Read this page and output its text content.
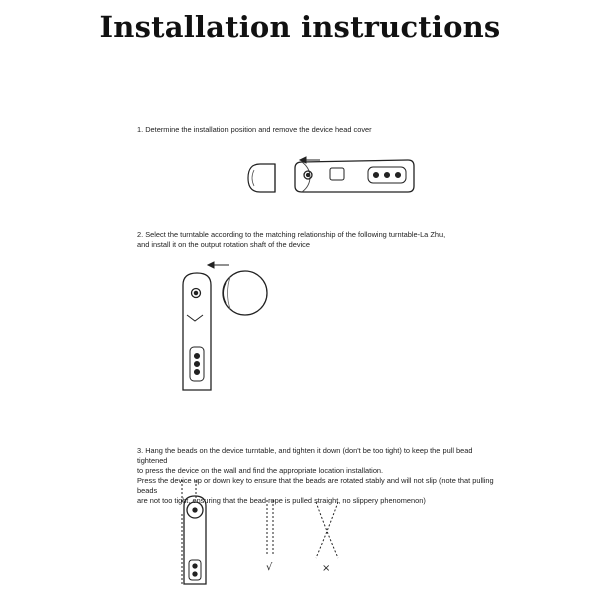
Installation instructions

1. Determine the installation position and remove the device head cover

2. Select the turntable according to the matching relationship of the following turntable-La Zhu,

and install it on the output rotation shaft of the device

3. Hang the beads on the device turntable, and tighten it down (don't be too tight) to keep the pull bead tightened

to press the device on the wall and find the appropriate location installation.

Press the device up or down key to ensure that the beads are rotated stably and will not slip (note that pulling beads

are not too tight, ensuring that the bead rope is pulled straight, no slippery phenomenon)

√	×
